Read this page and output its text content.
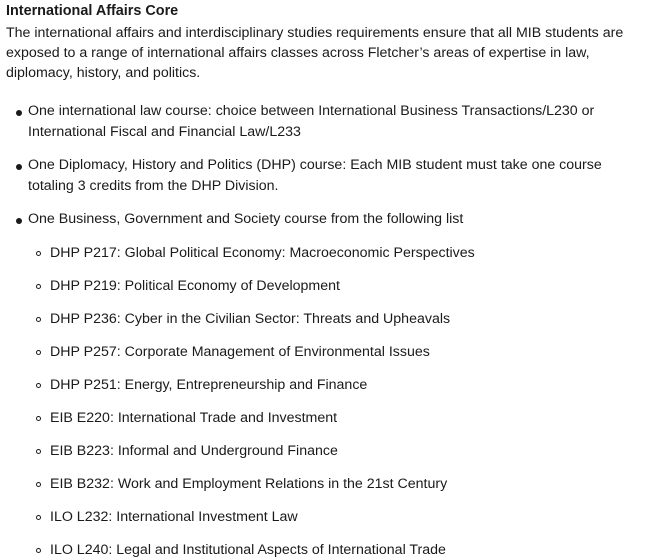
International Affairs Core

The international affairs and interdisciplinary studies requirements ensure that all MIB students are exposed to a range of international affairs classes across Fletcher’s areas of expertise in law, diplomacy, history, and politics.

One international law course: choice between International Business Transactions/L230 or International Fiscal and Financial Law/L233
One Diplomacy, History and Politics (DHP) course: Each MIB student must take one course totaling 3 credits from the DHP Division.
One Business, Government and Society course from the following list
DHP P217: Global Political Economy: Macroeconomic Perspectives
DHP P219: Political Economy of Development
DHP P236: Cyber in the Civilian Sector: Threats and Upheavals
DHP P257: Corporate Management of Environmental Issues
DHP P251: Energy, Entrepreneurship and Finance
EIB E220: International Trade and Investment
EIB B223: Informal and Underground Finance
EIB B232: Work and Employment Relations in the 21st Century
ILO L232: International Investment Law
ILO L240: Legal and Institutional Aspects of International Trade
